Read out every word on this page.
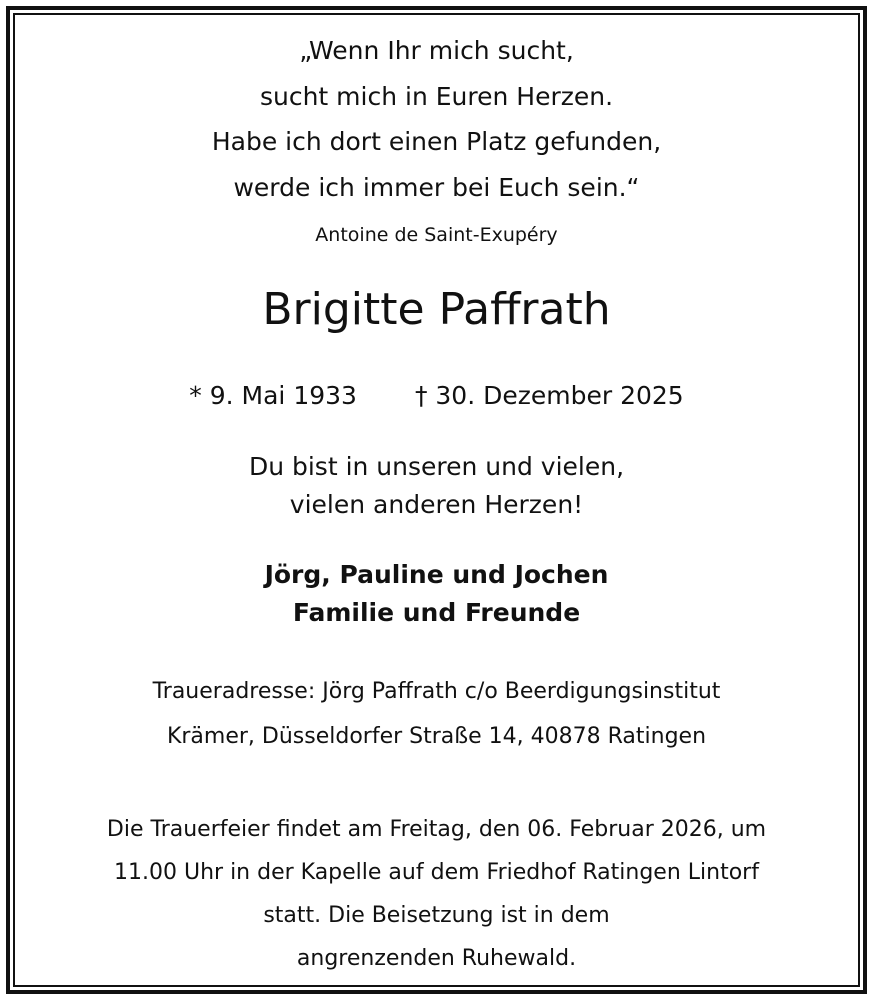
„Wenn Ihr mich sucht,
sucht mich in Euren Herzen.
Habe ich dort einen Platz gefunden,
werde ich immer bei Euch sein.“
Antoine de Saint-Exupéry
Brigitte Paffrath
* 9. Mai 1933 † 30. Dezember 2025
Du bist in unseren und vielen,
vielen anderen Herzen!
Jörg, Pauline und Jochen
Familie und Freunde
Traueradresse: Jörg Paffrath c/o Beerdigungsinstitut
Krämer, Düsseldorfer Straße 14, 40878 Ratingen
Die Trauerfeier findet am Freitag, den 06. Februar 2026, um
11.00 Uhr in der Kapelle auf dem Friedhof Ratingen Lintorf
statt. Die Beisetzung ist in dem
angrenzenden Ruhewald.
